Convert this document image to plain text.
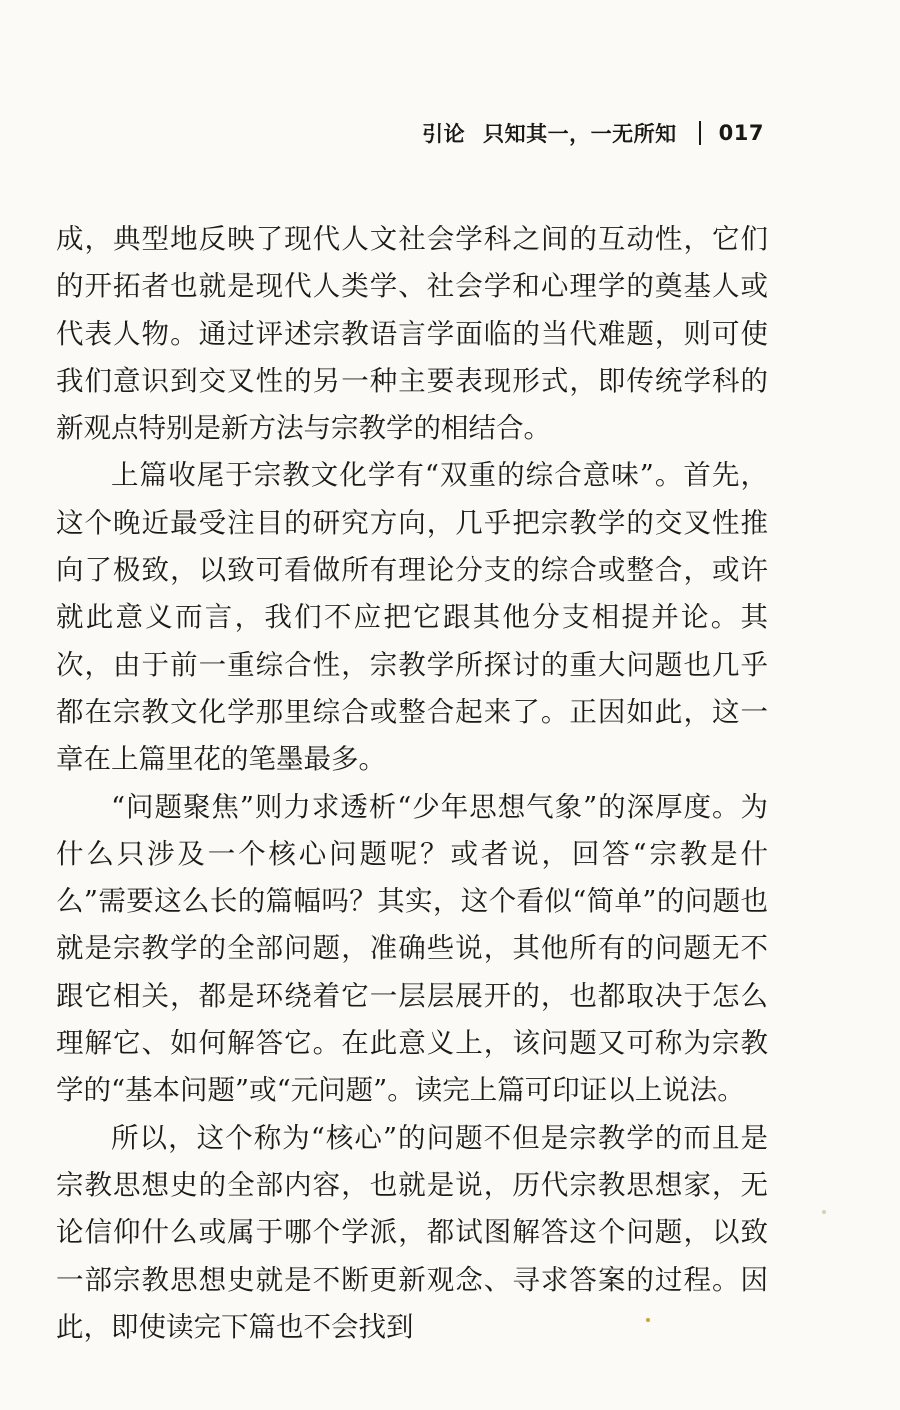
引论 只知其一，一无所知 017

成，典型地反映了现代人文社会学科之间的互动性，它们的开拓者也就是现代人类学、社会学和心理学的奠基人或代表人物。通过评述宗教语言学面临的当代难题，则可使我们意识到交叉性的另一种主要表现形式，即传统学科的新观点特别是新方法与宗教学的相结合。

上篇收尾于宗教文化学有“双重的综合意味”。首先，这个晚近最受注目的研究方向，几乎把宗教学的交叉性推向了极致，以致可看做所有理论分支的综合或整合，或许就此意义而言，我们不应把它跟其他分支相提并论。其次，由于前一重综合性，宗教学所探讨的重大问题也几乎都在宗教文化学那里综合或整合起来了。正因如此，这一章在上篇里花的笔墨最多。

“问题聚焦”则力求透析“少年思想气象”的深厚度。为什么只涉及一个核心问题呢？或者说，回答“宗教是什么”需要这么长的篇幅吗？其实，这个看似“简单”的问题也就是宗教学的全部问题，准确些说，其他所有的问题无不跟它相关，都是环绕着它一层层展开的，也都取决于怎么理解它、如何解答它。在此意义上，该问题又可称为宗教学的“基本问题”或“元问题”。读完上篇可印证以上说法。

所以，这个称为“核心”的问题不但是宗教学的而且是宗教思想史的全部内容，也就是说，历代宗教思想家，无论信仰什么或属于哪个学派，都试图解答这个问题，以致一部宗教思想史就是不断更新观念、寻求答案的过程。因此，即使读完下篇也不会找到
